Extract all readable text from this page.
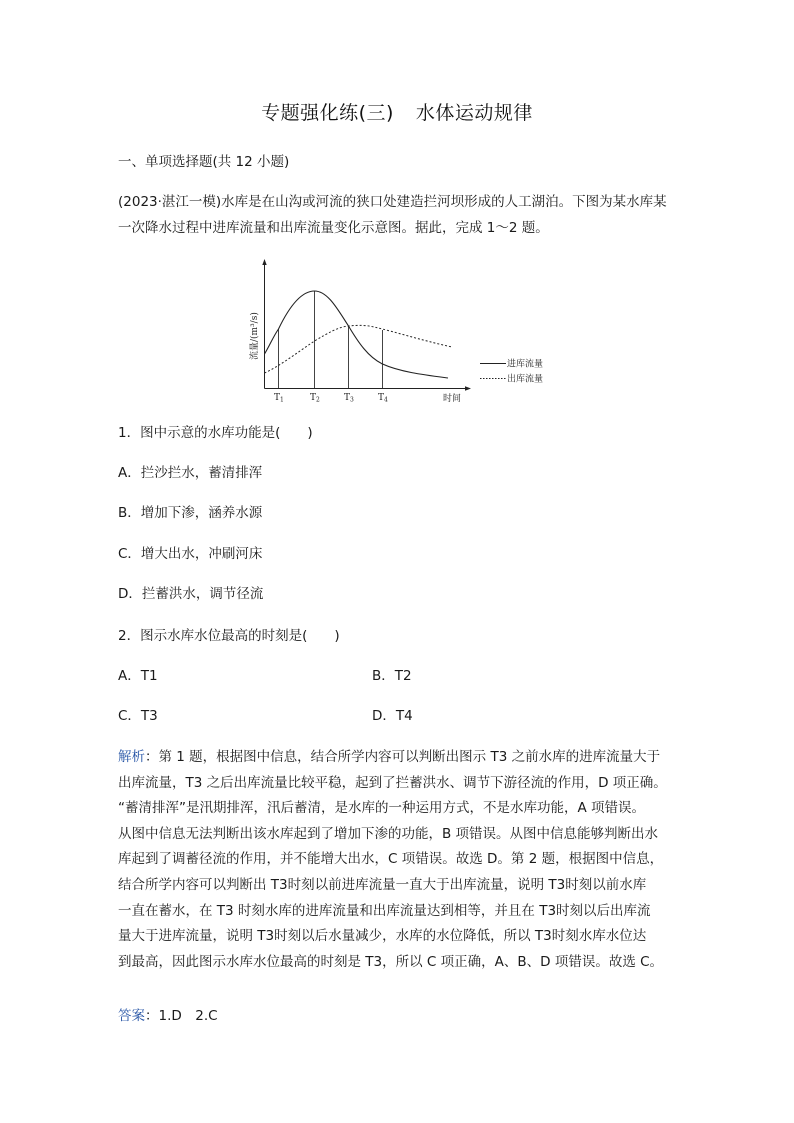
专题强化练(三) 水体运动规律
一、单项选择题(共 12 小题)
(2023·湛江一模)水库是在山沟或河流的狭口处建造拦河坝形成的人工湖泊。下图为某水库某
一次降水过程中进库流量和出库流量变化示意图。据此，完成 1～2 题。
流量/(m³/s)
T1	T2	T3	T4	时间
进库流量
出库流量
1．图中示意的水库功能是(　　)
A．拦沙拦水，蓄清排浑
B．增加下渗，涵养水源
C．增大出水，冲刷河床
D．拦蓄洪水，调节径流
2．图示水库水位最高的时刻是(　　)
A．T1	B．T2
C．T3	D．T4
解析：第 1 题，根据图中信息，结合所学内容可以判断出图示 T3 之前水库的进库流量大于
出库流量，T3 之后出库流量比较平稳，起到了拦蓄洪水、调节下游径流的作用，D 项正确。
“蓄清排浑”是汛期排浑，汛后蓄清，是水库的一种运用方式，不是水库功能，A 项错误。
从图中信息无法判断出该水库起到了增加下渗的功能，B 项错误。从图中信息能够判断出水
库起到了调蓄径流的作用，并不能增大出水，C 项错误。故选 D。第 2 题，根据图中信息，
结合所学内容可以判断出 T3时刻以前进库流量一直大于出库流量，说明 T3时刻以前水库
一直在蓄水，在 T3 时刻水库的进库流量和出库流量达到相等，并且在 T3时刻以后出库流
量大于进库流量，说明 T3时刻以后水量减少，水库的水位降低，所以 T3时刻水库水位达
到最高，因此图示水库水位最高的时刻是 T3，所以 C 项正确，A、B、D 项错误。故选 C。
答案：1.D　2.C
